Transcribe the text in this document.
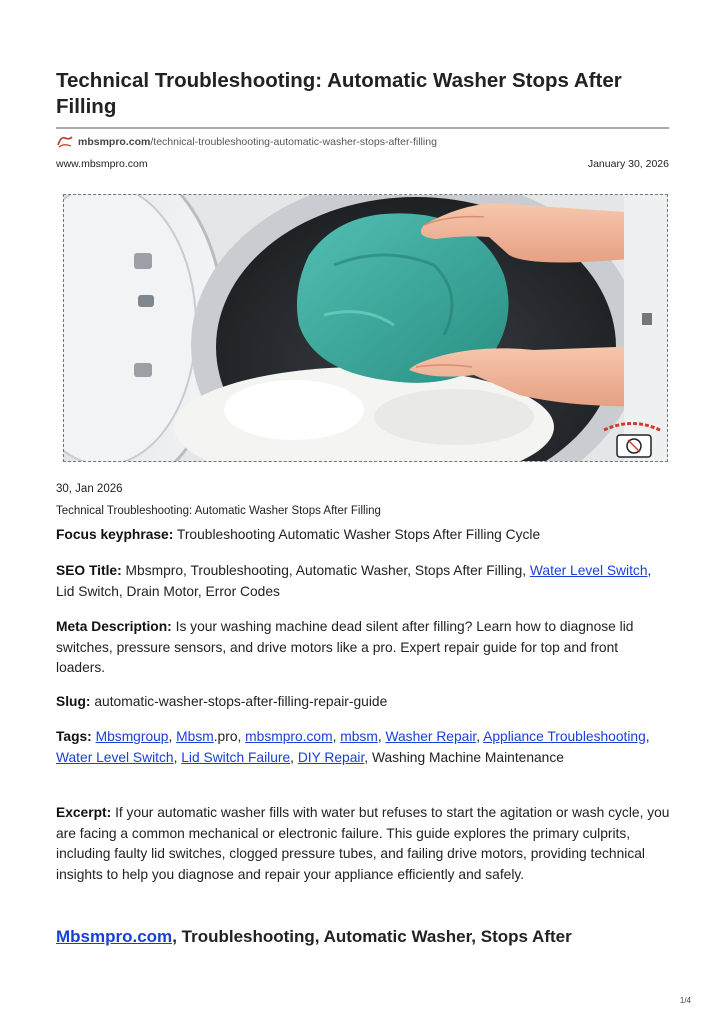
Technical Troubleshooting: Automatic Washer Stops After Filling
mbsmpro.com /technical-troubleshooting-automatic-washer-stops-after-filling
www.mbsmpro.com	January 30, 2026
30, Jan 2026
Technical Troubleshooting: Automatic Washer Stops After Filling

Focus keyphrase: Troubleshooting Automatic Washer Stops After Filling Cycle

SEO Title: Mbsmpro, Troubleshooting, Automatic Washer, Stops After Filling, Water Level Switch, Lid Switch, Drain Motor, Error Codes

Meta Description: Is your washing machine dead silent after filling? Learn how to diagnose lid switches, pressure sensors, and drive motors like a pro. Expert repair guide for top and front loaders.

Slug: automatic-washer-stops-after-filling-repair-guide

Tags: Mbsmgroup, Mbsm.pro, mbsmpro.com, mbsm, Washer Repair, Appliance Troubleshooting, Water Level Switch, Lid Switch Failure, DIY Repair, Washing Machine Maintenance

Excerpt: If your automatic washer fills with water but refuses to start the agitation or wash cycle, you are facing a common mechanical or electronic failure. This guide explores the primary culprits, including faulty lid switches, clogged pressure tubes, and failing drive motors, providing technical insights to help you diagnose and repair your appliance efficiently and safely.

Mbsmpro.com, Troubleshooting, Automatic Washer, Stops After
1/4
